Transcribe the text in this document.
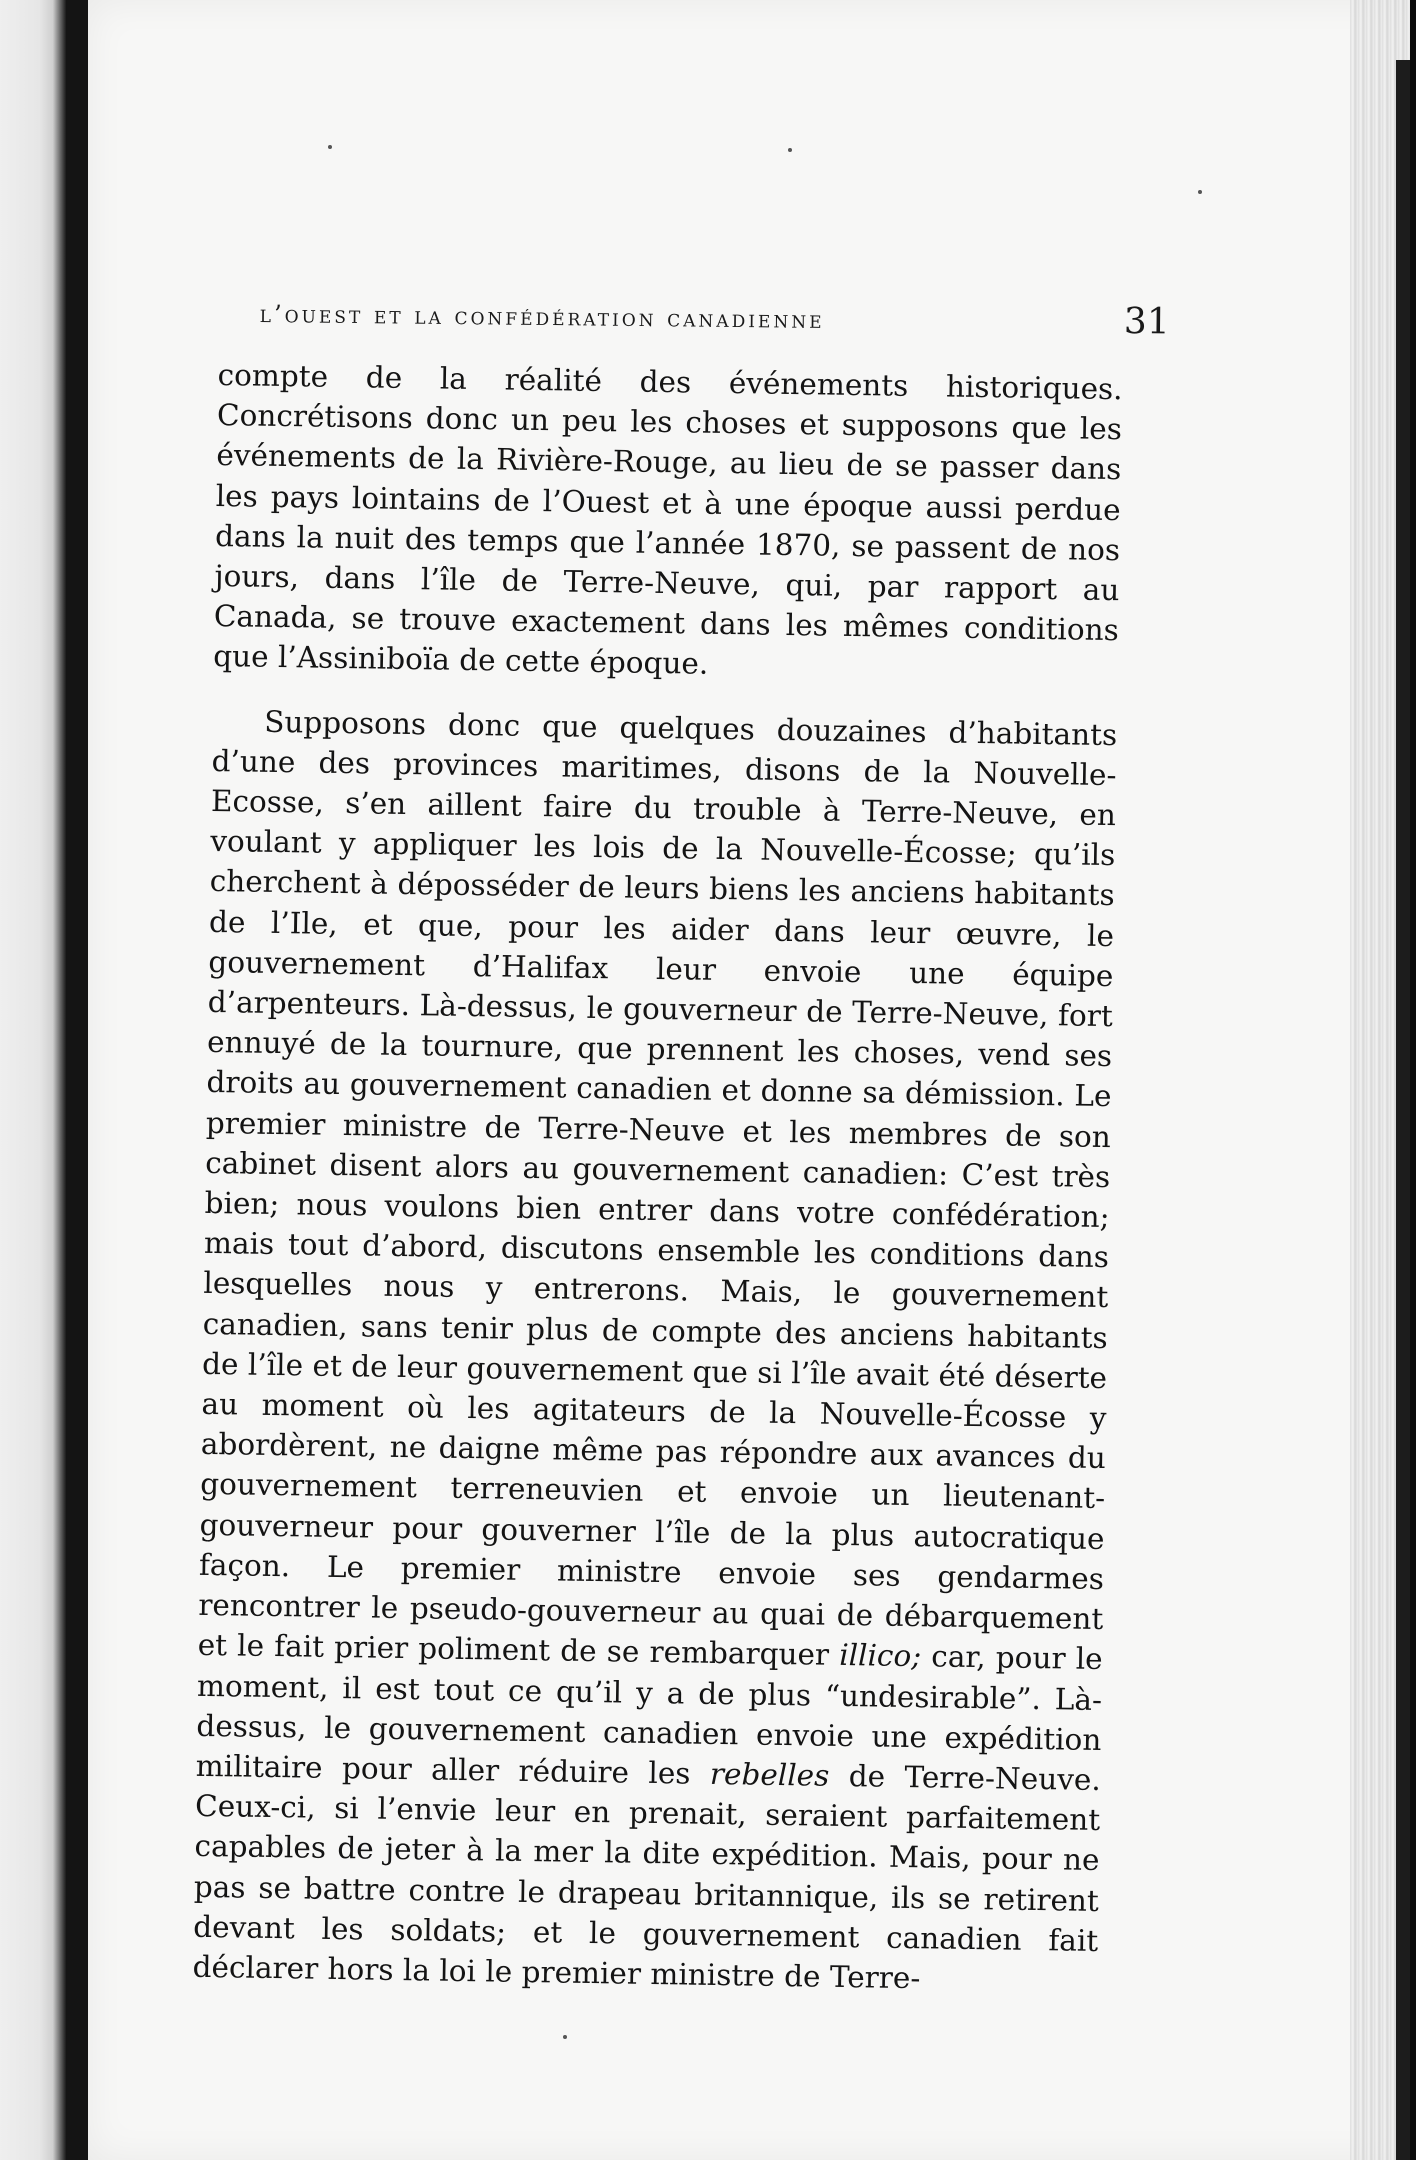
l’ouest et la confédération canadienne	31

compte de la réalité des événements historiques. Concrétisons donc un peu les choses et supposons que les événements de la Rivière-Rouge, au lieu de se passer dans les pays lointains de l’Ouest et à une époque aussi perdue dans la nuit des temps que l’année 1870, se passent de nos jours, dans l’île de Terre-Neuve, qui, par rapport au Canada, se trouve exactement dans les mêmes conditions que l’Assiniboïa de cette époque.

Supposons donc que quelques douzaines d’habitants d’une des provinces maritimes, disons de la Nouvelle-Ecosse, s’en aillent faire du trouble à Terre-Neuve, en voulant y appliquer les lois de la Nouvelle-Écosse; qu’ils cherchent à déposséder de leurs biens les anciens habitants de l’Ile, et que, pour les aider dans leur œuvre, le gouvernement d’Halifax leur envoie une équipe d’arpenteurs. Là-dessus, le gouverneur de Terre-Neuve, fort ennuyé de la tournure, que prennent les choses, vend ses droits au gouvernement canadien et donne sa démission. Le premier ministre de Terre-Neuve et les membres de son cabinet disent alors au gouvernement canadien: C’est très bien; nous voulons bien entrer dans votre confédération; mais tout d’abord, discutons ensemble les conditions dans lesquelles nous y entrerons. Mais, le gouvernement canadien, sans tenir plus de compte des anciens habitants de l’île et de leur gouvernement que si l’île avait été déserte au moment où les agitateurs de la Nouvelle-Écosse y abordèrent, ne daigne même pas répondre aux avances du gouvernement terreneuvien et envoie un lieutenant-gouverneur pour gouverner l’île de la plus autocratique façon. Le premier ministre envoie ses gendarmes rencontrer le pseudo-gouverneur au quai de débarquement et le fait prier poliment de se rembarquer illico; car, pour le moment, il est tout ce qu’il y a de plus “undesirable”. Là-dessus, le gouvernement canadien envoie une expédition militaire pour aller réduire les rebelles de Terre-Neuve. Ceux-ci, si l’envie leur en prenait, seraient parfaitement capables de jeter à la mer la dite expédition. Mais, pour ne pas se battre contre le drapeau britannique, ils se retirent devant les soldats; et le gouvernement canadien fait déclarer hors la loi le premier ministre de Terre-
